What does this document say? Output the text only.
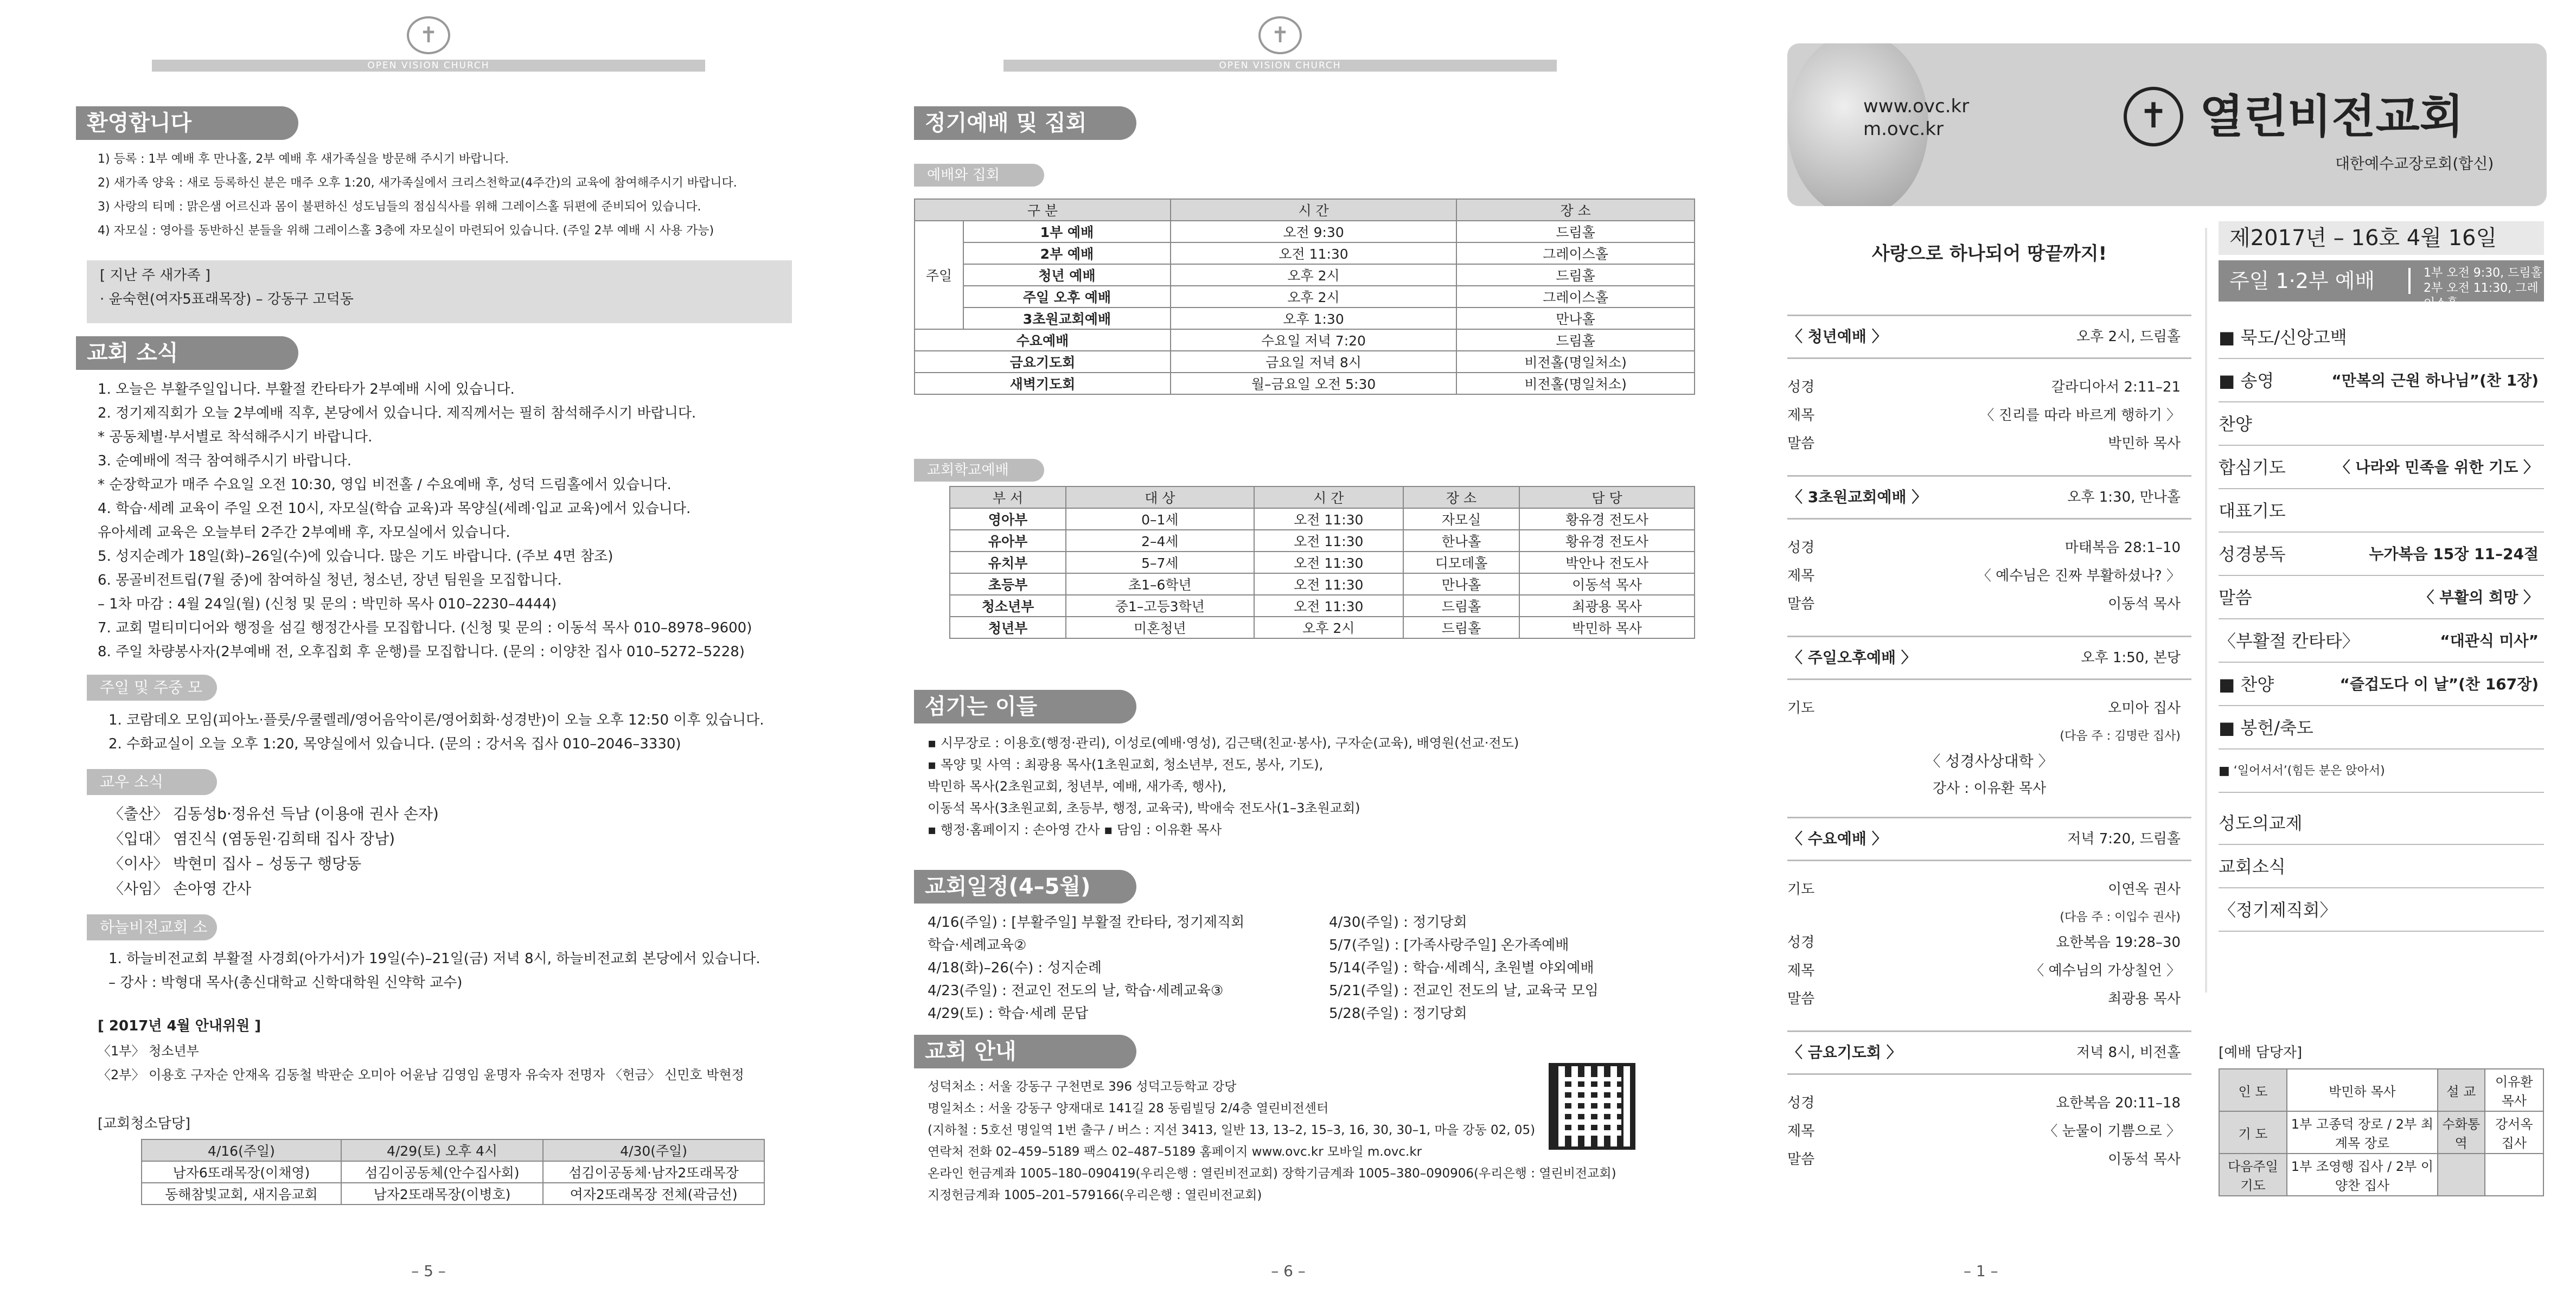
✝
OPEN VISION CHURCH
환영합니다
1) 등록 : 1부 예배 후 만나홀, 2부 예배 후 새가족실을 방문해 주시기 바랍니다.
2) 새가족 양육 : 새로 등록하신 분은 매주 오후 1:20, 새가족실에서 크리스천학교(4주간)의 교육에 참여해주시기 바랍니다.
3) 사랑의 티메 : 맑은샘 어르신과 몸이 불편하신 성도님들의 점심식사를 위해 그레이스홀 뒤편에 준비되어 있습니다.
4) 자모실 : 영아를 동반하신 분들을 위해 그레이스홀 3층에 자모실이 마련되어 있습니다. (주일 2부 예배 시 사용 가능)
[ 지난 주 새가족 ]
· 윤숙현(여자5표래목장) – 강동구 고덕동
교회 소식
1. 오늘은 부활주일입니다. 부활절 칸타타가 2부예배 시에 있습니다.
2. 정기제직회가 오늘 2부예배 직후, 본당에서 있습니다. 제직께서는 필히 참석해주시기 바랍니다.
* 공동체별·부서별로 착석해주시기 바랍니다.
3. 순예배에 적극 참여해주시기 바랍니다.
* 순장학교가 매주 수요일 오전 10:30, 영입 비전홀 / 수요예배 후, 성덕 드림홀에서 있습니다.
4. 학습·세례 교육이 주일 오전 10시, 자모실(학습 교육)과 목양실(세례·입교 교육)에서 있습니다.
유아세례 교육은 오늘부터 2주간 2부예배 후, 자모실에서 있습니다.
5. 성지순례가 18일(화)–26일(수)에 있습니다. 많은 기도 바랍니다. (주보 4면 참조)
6. 몽골비전트립(7월 중)에 참여하실 청년, 청소년, 장년 팀원을 모집합니다.
– 1차 마감 : 4월 24일(월) (신청 및 문의 : 박민하 목사 010–2230–4444)
7. 교회 멀티미디어와 행정을 섬길 행정간사를 모집합니다. (신청 및 문의 : 이동석 목사 010–8978–9600)
8. 주일 차량봉사자(2부예배 전, 오후집회 후 운행)를 모집합니다. (문의 : 이양찬 집사 010–5272–5228)
주일 및 주중 모임
1. 코람데오 모임(피아노·플룻/우쿨렐레/영어음악이론/영어회화·성경반)이 오늘 오후 12:50 이후 있습니다.
2. 수화교실이 오늘 오후 1:20, 목양실에서 있습니다. (문의 : 강서옥 집사 010–2046–3330)
교우 소식
〈출산〉 김동성b·정유선 득남 (이용애 권사 손자)
〈입대〉 염진식 (염동원·김희태 집사 장남)
〈이사〉 박현미 집사 – 성동구 행당동
〈사임〉 손아영 간사
하늘비전교회 소식
1. 하늘비전교회 부활절 사경회(아가서)가 19일(수)–21일(금) 저녁 8시, 하늘비전교회 본당에서 있습니다.
– 강사 : 박형대 목사(총신대학교 신학대학원 신약학 교수)
[ 2017년 4월 안내위원 ]
〈1부〉 청소년부
〈2부〉 이용호 구자순 안재옥 김동철 박판순 오미아 어윤남 김영임 윤명자 유숙자 전명자 〈헌금〉 신민호 박현정
[교회청소담당]
4/16(주일)	4/29(토) 오후 4시	4/30(주일)
남자6또래목장(이채영)	섬김이공동체(안수집사회)	섬김이공동체·남자2또래목장
동해참빛교회, 새지음교회	남자2또래목장(이병호)	여자2또래목장 전체(곽금선)
– 5 –
✝
OPEN VISION CHURCH
정기예배 및 집회
예배와 집회
구 분		시 간	장 소
주일	1부 예배	오전 9:30	드림홀
	2부 예배	오전 11:30	그레이스홀
	청년 예배	오후 2시	드림홀
	주일 오후 예배	오후 2시	그레이스홀
	3초원교회예배	오후 1:30	만나홀
수요예배		수요일 저녁 7:20	드림홀
금요기도회		금요일 저녁 8시	비전홀(명일처소)
새벽기도회		월–금요일 오전 5:30	비전홀(명일처소)
교회학교예배
부 서	대 상	시 간	장 소	담 당
영아부	0–1세	오전 11:30	자모실	황유경 전도사
유아부	2–4세	오전 11:30	한나홀	황유경 전도사
유치부	5–7세	오전 11:30	디모데홀	박안나 전도사
초등부	초1–6학년	오전 11:30	만나홀	이동석 목사
청소년부	중1–고등3학년	오전 11:30	드림홀	최광용 목사
청년부	미혼청년	오후 2시	드림홀	박민하 목사
섬기는 이들
▪ 시무장로 : 이용호(행정·관리), 이성로(예배·영성), 김근택(친교·봉사), 구자순(교육), 배영원(선교·전도)
▪ 목양 및 사역 : 최광용 목사(1초원교회, 청소년부, 전도, 봉사, 기도),
박민하 목사(2초원교회, 청년부, 예배, 새가족, 행사),
이동석 목사(3초원교회, 초등부, 행정, 교육국), 박애숙 전도사(1–3초원교회)
▪ 행정·홈페이지 : 손아영 간사 ▪ 담임 : 이유환 목사
교회일정(4–5월)
4/16(주일) : [부활주일] 부활절 칸타타, 정기제직회
학습·세례교육②
4/18(화)–26(수) : 성지순례
4/23(주일) : 전교인 전도의 날, 학습·세례교육③
4/29(토) : 학습·세례 문답
4/30(주일) : 정기당회
5/7(주일) : [가족사랑주일] 온가족예배
5/14(주일) : 학습·세례식, 초원별 야외예배
5/21(주일) : 전교인 전도의 날, 교육국 모임
5/28(주일) : 정기당회
교회 안내
성덕처소 : 서울 강동구 구천면로 396 성덕고등학교 강당
명일처소 : 서울 강동구 양재대로 141길 28 동림빌딩 2/4층 열린비전센터
(지하철 : 5호선 명일역 1번 출구 / 버스 : 지선 3413, 일반 13, 13–2, 15–3, 16, 30, 30–1, 마을 강동 02, 05)
연락처 전화 02–459–5189 팩스 02–487–5189 홈페이지 www.ovc.kr 모바일 m.ovc.kr
온라인 헌금계좌 1005–180–090419(우리은행 : 열린비전교회) 장학기금계좌 1005–380–090906(우리은행 : 열린비전교회)
지정헌금계좌 1005–201–579166(우리은행 : 열린비전교회)
– 6 –
www.ovc.kr
m.ovc.kr	✝ 열린비전교회
대한예수교장로회(합신)
사랑으로 하나되어 땅끝까지!
제2017년 – 16호 4월 16일
주일 1·2부 예배	1부 오전 9:30, 드림홀
2부 오전 11:30, 그레이스홀
〈 청년예배 〉	오후 2시, 드림홀
성경	갈라디아서 2:11–21
제목	〈 진리를 따라 바르게 행하기 〉
말씀	박민하 목사
〈 3초원교회예배 〉	오후 1:30, 만나홀
성경	마태복음 28:1–10
제목	〈 예수님은 진짜 부활하셨나? 〉
말씀	이동석 목사
〈 주일오후예배 〉	오후 1:50, 본당
기도	오미아 집사
(다음 주 : 김명란 집사)
〈 성경사상대학 〉
강사 : 이유환 목사
〈 수요예배 〉	저녁 7:20, 드림홀
기도	이연옥 권사
(다음 주 : 이입수 권사)
성경	요한복음 19:28–30
제목	〈 예수님의 가상칠언 〉
말씀	최광용 목사
〈 금요기도회 〉	저녁 8시, 비전홀
성경	요한복음 20:11–18
제목	〈 눈물이 기쁨으로 〉
말씀	이동석 목사
■ 묵도/신앙고백
■ 송영	“만복의 근원 하나님”(찬 1장)
찬양
합심기도	〈 나라와 민족을 위한 기도 〉
대표기도
성경봉독	누가복음 15장 11–24절
말씀	〈 부활의 희망 〉
〈부활절 칸타타〉	“대관식 미사”
■ 찬양	“즐겁도다 이 날”(찬 167장)
■ 봉헌/축도
■ ‘일어서서’(힘든 분은 앉아서)
성도의교제
교회소식
〈정기제직회〉
[예배 담당자]
인 도	박민하 목사	설 교	이유환 목사
기 도	1부 고종덕 장로 / 2부 최계목 장로	수화통역	강서옥 집사
다음주일 기도	1부 조영행 집사 / 2부 이양찬 집사		
– 1 –
